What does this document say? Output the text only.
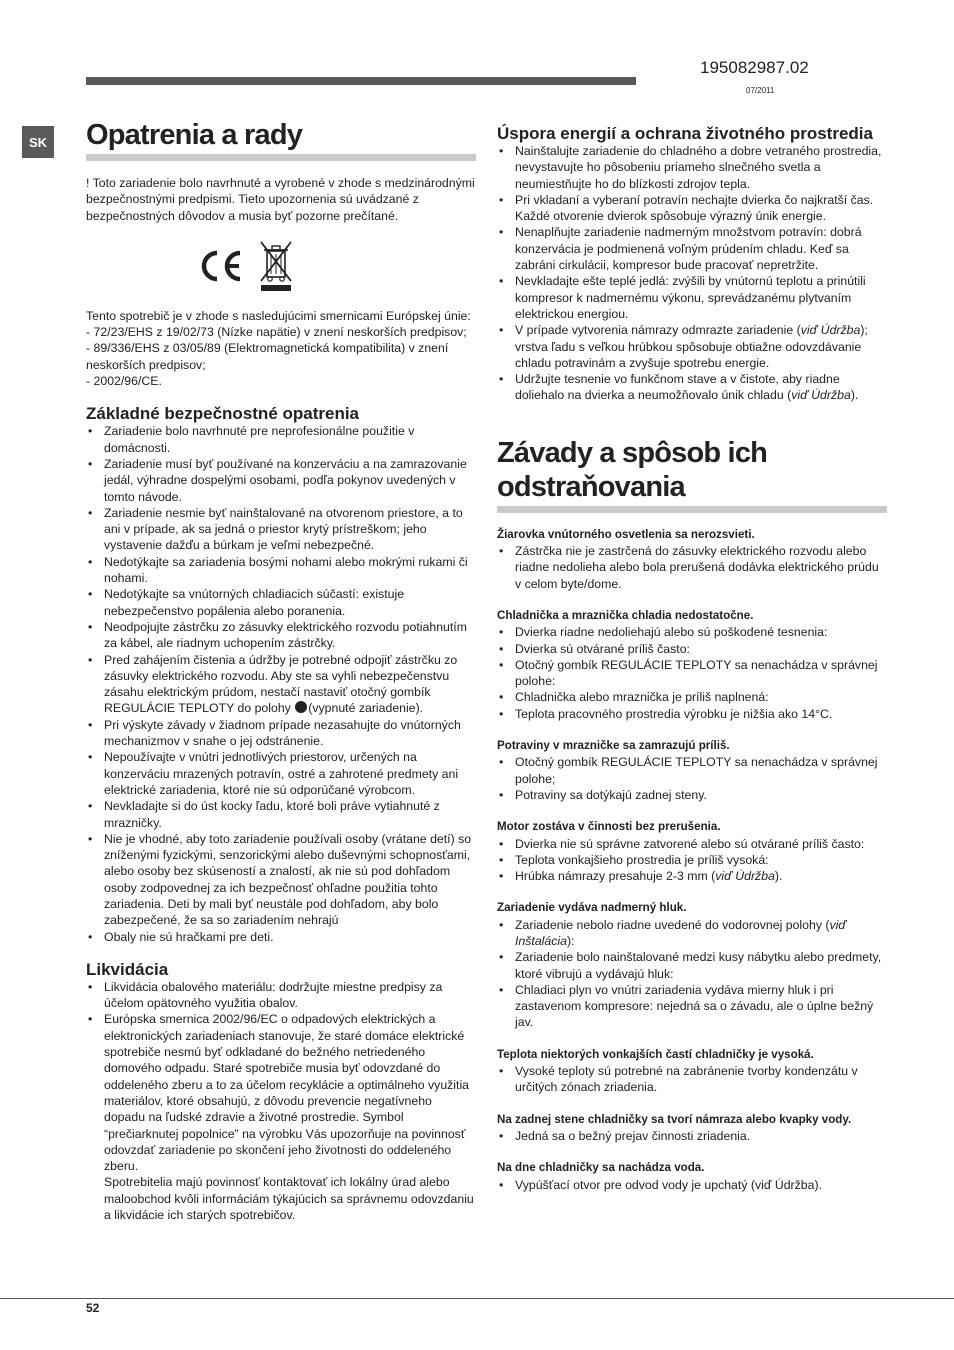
195082987.02
07/2011
SK Opatrenia a rady

! Toto zariadenie bolo navrhnuté a vyrobené v zhode s medzinárodnými bezpečnostnými predpismi. Tieto upozornenia sú uvádzané z bezpečnostných dôvodov a musia byť pozorne prečítané.

Tento spotrebič je v zhode s nasledujúcimi smernicami Európskej únie:

- 72/23/EHS z 19/02/73 (Nízke napätie) v znení neskorších predpisov;

- 89/336/EHS z 03/05/89 (Elektromagnetická kompatibilita) v znení neskorších predpisov;

- 2002/96/CE.

Základné bezpečnostné opatrenia
• Zariadenie bolo navrhnuté pre neprofesionálne použitie v domácnosti.
• Zariadenie musí byť používané na konzerváciu a na zamrazovanie jedál, výhradne dospelými osobami, podľa pokynov uvedených v tomto návode.
• Zariadenie nesmie byť nainštalované na otvorenom priestore, a to ani v prípade, ak sa jedná o priestor krytý prístreškom; jeho vystavenie dažďu a búrkam je veľmi nebezpečné.
• Nedotýkajte sa zariadenia bosými nohami alebo mokrými rukami či nohami.
• Nedotýkajte sa vnútorných chladiacich súčastí: existuje nebezpečenstvo popálenia alebo poranenia.
• Neodpojujte zástrčku zo zásuvky elektrického rozvodu potiahnutím za kábel, ale riadnym uchopením zástrčky.
• Pred zahájením čistenia a údržby je potrebné odpojiť zástrčku zo zásuvky elektrického rozvodu. Aby ste sa vyhli nebezpečenstvu zásahu elektrickým prúdom, nestačí nastaviť otočný gombík REGULÁCIE TEPLOTY do polohy (vypnuté zariadenie).
• Pri výskyte závady v žiadnom prípade nezasahujte do vnútorných mechanizmov v snahe o jej odstránenie.
• Nepoužívajte v vnútri jednotlivých priestorov, určených na konzerváciu mrazených potravín, ostré a zahrotené predmety ani elektrické zariadenia, ktoré nie sú odporúčané výrobcom.
• Nevkladajte si do úst kocky ľadu, ktoré boli práve vytiahnuté z mrazničky.
• Nie je vhodné, aby toto zariadenie používali osoby (vrátane detí) so zníženými fyzickými, senzorickými alebo duševnými schopnosťami, alebo osoby bez skúseností a znalostí, ak nie sú pod dohľadom osoby zodpovednej za ich bezpečnosť ohľadne použitia tohto zariadenia. Deti by mali byť neustále pod dohľadom, aby bolo zabezpečené, že sa so zariadením nehrajú
• Obaly nie sú hračkami pre deti.
Likvidácia
• Likvidácia obalového materiálu: dodržujte miestne predpisy za účelom opätovného využitia obalov.
• Európska smernica 2002/96/EC o odpadových elektrických a elektronických zariadeniach stanovuje, že staré domáce elektrické spotrebiče nesmú byť odkladané do bežného netriedeného domového odpadu. Staré spotrebiče musia byť odovzdané do oddeleného zberu a to za účelom recyklácie a optimálneho využitia materiálov, ktoré obsahujú, z dôvodu prevencie negatívneho dopadu na ľudské zdravie a životné prostredie. Symbol “prečiarknutej popolnice” na výrobku Vás upozorňuje na povinnosť odovzdať zariadenie po skončení jeho životnosti do oddeleného zberu.

Spotrebitelia majú povinnosť kontaktovať ich lokálny úrad alebo maloobchod kvôli informáciám týkajúcich sa správnemu odovzdaniu a likvidácie ich starých spotrebičov.

Úspora energií a ochrana životného prostredia
• Nainštalujte zariadenie do chladného a dobre vetraného prostredia, nevystavujte ho pôsobeniu priameho slnečného svetla a neumiestňujte ho do blízkosti zdrojov tepla.
• Pri vkladaní a vyberaní potravín nechajte dvierka čo najkratší čas. Každé otvorenie dvierok spôsobuje výrazný únik energie.
• Nenaplňujte zariadenie nadmerným množstvom potravín: dobrá konzervácia je podmienená voľným prúdením chladu. Keď sa zabráni cirkulácii, kompresor bude pracovať nepretržite.
• Nevkladajte ešte teplé jedlá: zvýšili by vnútornú teplotu a prinútili kompresor k nadmernému výkonu, sprevádzanému plytvaním elektrickou energiou.
• V prípade vytvorenia námrazy odmrazte zariadenie (viď Údržba); vrstva ľadu s veľkou hrúbkou spôsobuje obtiažne odovzdávanie chladu potravinám a zvyšuje spotrebu energie.
• Udržujte tesnenie vo funkčnom stave a v čistote, aby riadne doliehalo na dvierka a neumožňovalo únik chladu (viď Údržba).
Závady a spôsob ich odstraňovania

Žiarovka vnútorného osvetlenia sa nerozsvieti.

• Zástrčka nie je zastrčená do zásuvky elektrického rozvodu alebo riadne nedolieha alebo bola prerušená dodávka elektrického prúdu v celom byte/dome.

Chladnička a mraznička chladia nedostatočne.

• Dvierka riadne nedoliehajú alebo sú poškodené tesnenia:
• Dvierka sú otvárané príliš často:
• Otočný gombík REGULÁCIE TEPLOTY sa nenachádza v správnej polohe:
• Chladnička alebo mraznička je príliš naplnená:
• Teplota pracovného prostredia výrobku je nižšia ako 14°C.

Potraviny v mrazničke sa zamrazujú príliš.

• Otočný gombík REGULÁCIE TEPLOTY sa nenachádza v správnej polohe;
• Potraviny sa dotýkajú zadnej steny.

Motor zostáva v činnosti bez prerušenia.

• Dvierka nie sú správne zatvorené alebo sú otvárané príliš často:
• Teplota vonkajšieho prostredia je príliš vysoká:
• Hrúbka námrazy presahuje 2-3 mm (viď Údržba).

Zariadenie vydáva nadmerný hluk.

• Zariadenie nebolo riadne uvedené do vodorovnej polohy (viď Inštalácia):
• Zariadenie bolo nainštalované medzi kusy nábytku alebo predmety, ktoré vibrujú a vydávajú hluk:
• Chladiaci plyn vo vnútri zariadenia vydáva mierny hluk i pri zastavenom kompresore: nejedná sa o závadu, ale o úplne bežný jav.

Teplota niektorých vonkajších častí chladničky je vysoká.

• Vysoké teploty sú potrebné na zabránenie tvorby kondenzátu v určitých zónach zriadenia.

Na zadnej stene chladničky sa tvorí námraza alebo kvapky vody.

• Jedná sa o bežný prejav činnosti zriadenia.

Na dne chladničky sa nachádza voda.

• Vypúšťací otvor pre odvod vody je upchatý (viď Údržba).
52
